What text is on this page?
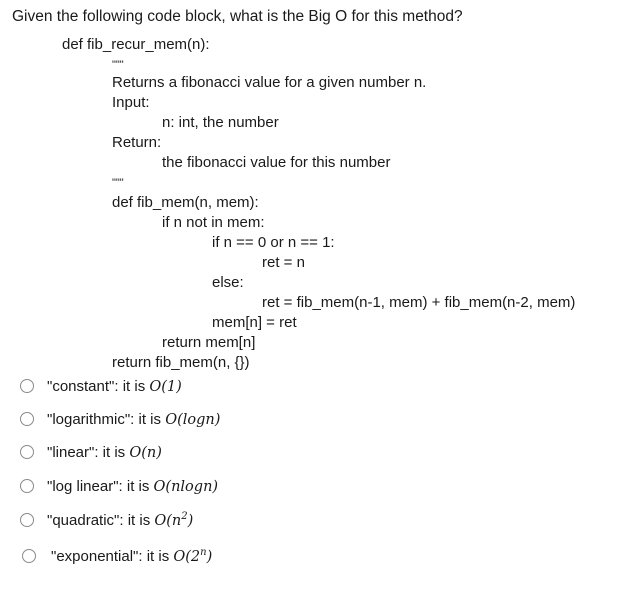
Given the following code block, what is the Big O for this method?
def fib_recur_mem(n):
"""
Returns a fibonacci value for a given number n.
Input:
n: int, the number
Return:
the fibonacci value for this number
"""
def fib_mem(n, mem):
if n not in mem:
if n == 0 or n == 1:
ret = n
else:
ret = fib_mem(n-1, mem) + fib_mem(n-2, mem)
mem[n] = ret
return mem[n]
return fib_mem(n, {})
"constant": it is O(1)
"logarithmic": it is O(logn)
"linear": it is O(n)
"log linear": it is O(nlogn)
"quadratic": it is $O(n^2)$
"exponential": it is O(2$^n$)
